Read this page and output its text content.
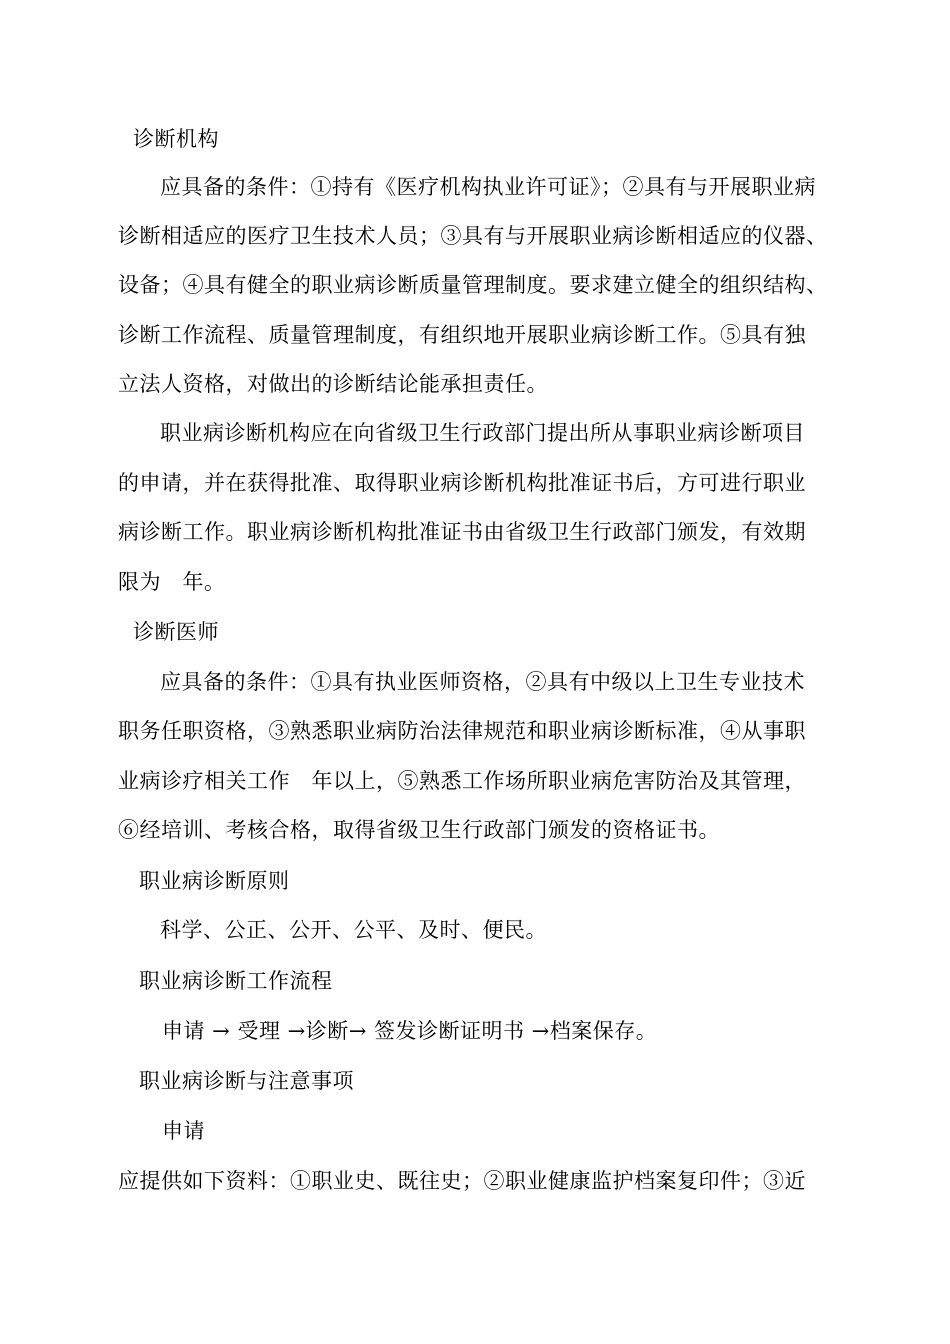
诊断机构
应具备的条件：①持有《医疗机构执业许可证》；②具有与开展职业病
诊断相适应的医疗卫生技术人员；③具有与开展职业病诊断相适应的仪器、
设备；④具有健全的职业病诊断质量管理制度。要求建立健全的组织结构、
诊断工作流程、质量管理制度，有组织地开展职业病诊断工作。⑤具有独
立法人资格，对做出的诊断结论能承担责任。
职业病诊断机构应在向省级卫生行政部门提出所从事职业病诊断项目
的申请，并在获得批准、取得职业病诊断机构批准证书后，方可进行职业
病诊断工作。职业病诊断机构批准证书由省级卫生行政部门颁发，有效期
限为　年。
诊断医师
应具备的条件：①具有执业医师资格，②具有中级以上卫生专业技术
职务任职资格，③熟悉职业病防治法律规范和职业病诊断标准，④从事职
业病诊疗相关工作　年以上，⑤熟悉工作场所职业病危害防治及其管理，
⑥经培训、考核合格，取得省级卫生行政部门颁发的资格证书。
职业病诊断原则
科学、公正、公开、公平、及时、便民。
职业病诊断工作流程
申请 → 受理 →诊断→ 签发诊断证明书 →档案保存。
职业病诊断与注意事项
申请
应提供如下资料：①职业史、既往史；②职业健康监护档案复印件；③近
